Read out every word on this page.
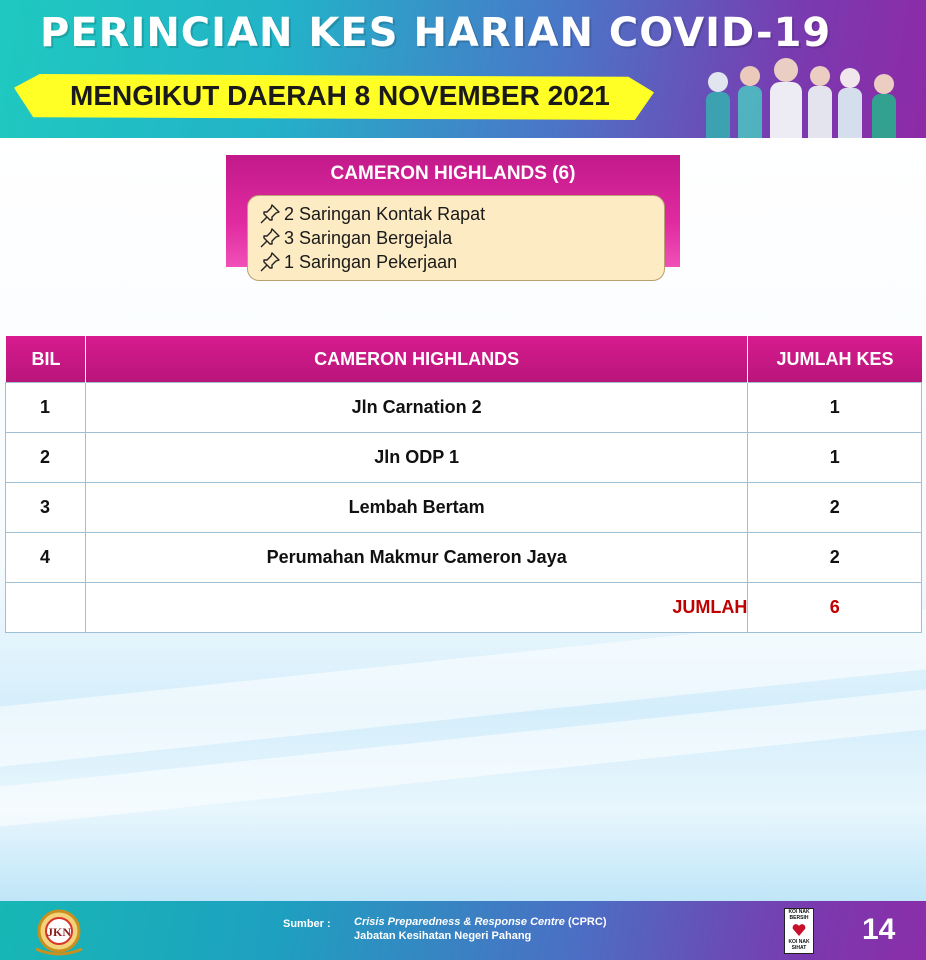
PERINCIAN KES HARIAN COVID-19
MENGIKUT DAERAH 8 NOVEMBER 2021
CAMERON HIGHLANDS (6)
2 Saringan Kontak Rapat
3 Saringan Bergejala
1 Saringan Pekerjaan
BIL	CAMERON HIGHLANDS	JUMLAH KES
1	Jln Carnation 2	1
2	Jln ODP 1	1
3	Lembah Bertam	2
4	Perumahan Makmur Cameron Jaya	2
	JUMLAH	6
JKN
Sumber : Crisis Preparedness & Response Centre (CPRC)
Jabatan Kesihatan Negeri Pahang
KOI NAK BERSIH
KOI NAK SIHAT
14
